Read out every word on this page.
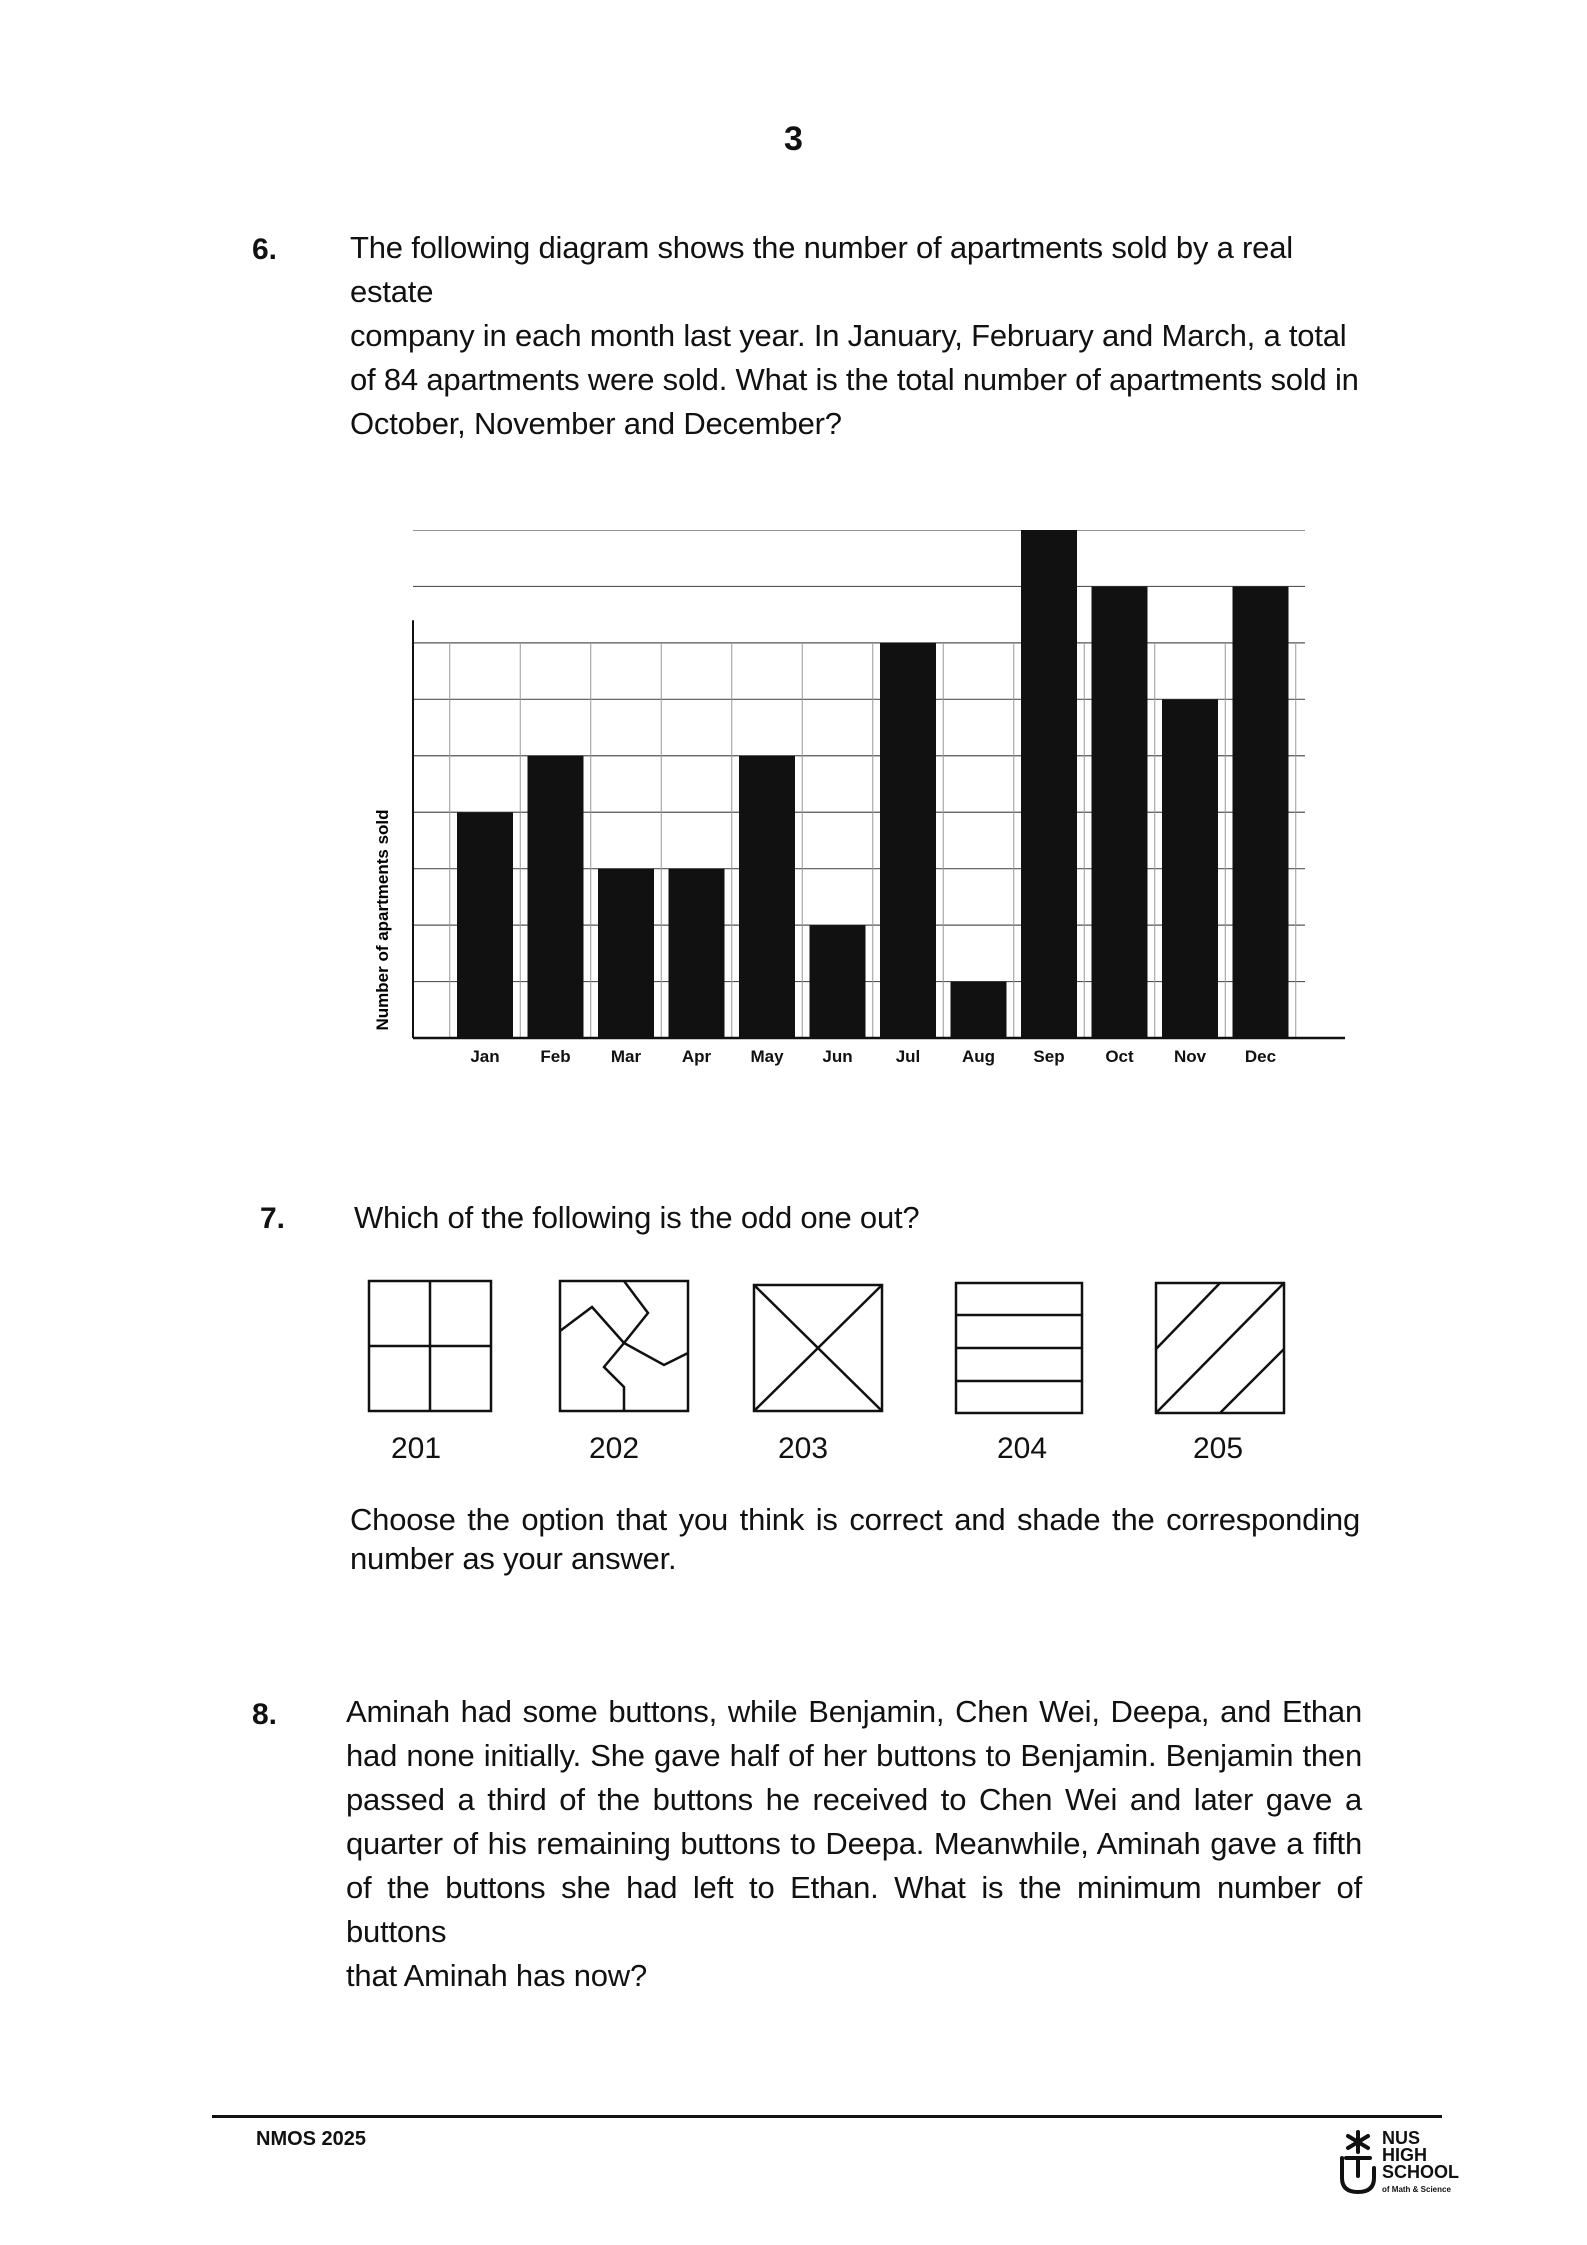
3
6. The following diagram shows the number of apartments sold by a real estate
company in each month last year. In January, February and March, a total
of 84 apartments were sold. What is the total number of apartments sold in
October, November and December?
Jan Feb Mar Apr May Jun	Jul Aug Sep Oct Nov Dec
Number of apartments sold
7. Which of the following is the odd one out?
201	202	203	204	205
Choose the option that you think is correct and shade the corresponding
number as your answer.
8. Aminah had some buttons, while Benjamin, Chen Wei, Deepa, and Ethan
had none initially. She gave half of her buttons to Benjamin. Benjamin then
passed a third of the buttons he received to Chen Wei and later gave a
quarter of his remaining buttons to Deepa. Meanwhile, Aminah gave a fifth
of the buttons she had left to Ethan. What is the minimum number of buttons
that Aminah has now?
NMOS 2025	NUS
HIGH
SCHOOL
of Math & Science
